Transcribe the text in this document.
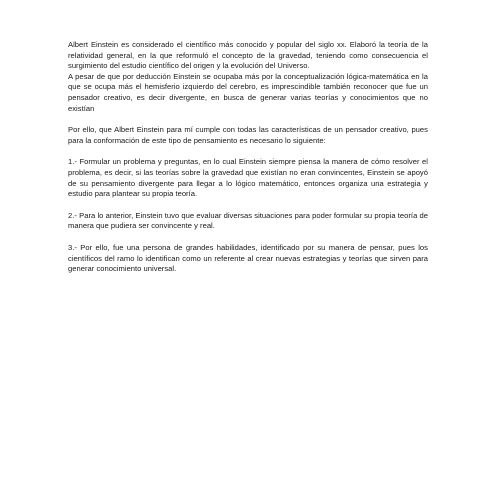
Albert Einstein es considerado el científico más conocido y popular del siglo xx. Elaboró la teoría de la relatividad general, en la que reformuló el concepto de la gravedad, teniendo como consecuencia el surgimiento del estudio científico del origen y la evolución del Universo.

A pesar de que por deducción Einstein se ocupaba más por la conceptualización lógica-matemática en la que se ocupa más el hemisferio izquierdo del cerebro, es imprescindible también reconocer que fue un pensador creativo, es decir divergente, en busca de generar varias teorías y conocimientos que no existían

Por ello, que Albert Einstein para mí cumple con todas las características de un pensador creativo, pues para la conformación de este tipo de pensamiento es necesario lo siguiente:

1.- Formular un problema y preguntas, en lo cual Einstein siempre piensa la manera de cómo resolver el problema, es decir, si las teorías sobre la gravedad que existían no eran convincentes, Einstein se apoyó de su pensamiento divergente para llegar a lo lógico matemático, entonces organiza una estrategia y estudio para plantear su propia teoría.

2.- Para lo anterior, Einstein tuvo que evaluar diversas situaciones para poder formular su propia teoría de manera que pudiera ser convincente y real.

3.- Por ello, fue una persona de grandes habilidades, identificado por su manera de pensar, pues los científicos del ramo lo identifican como un referente al crear nuevas estrategias y teorías que sirven para generar conocimiento universal.
